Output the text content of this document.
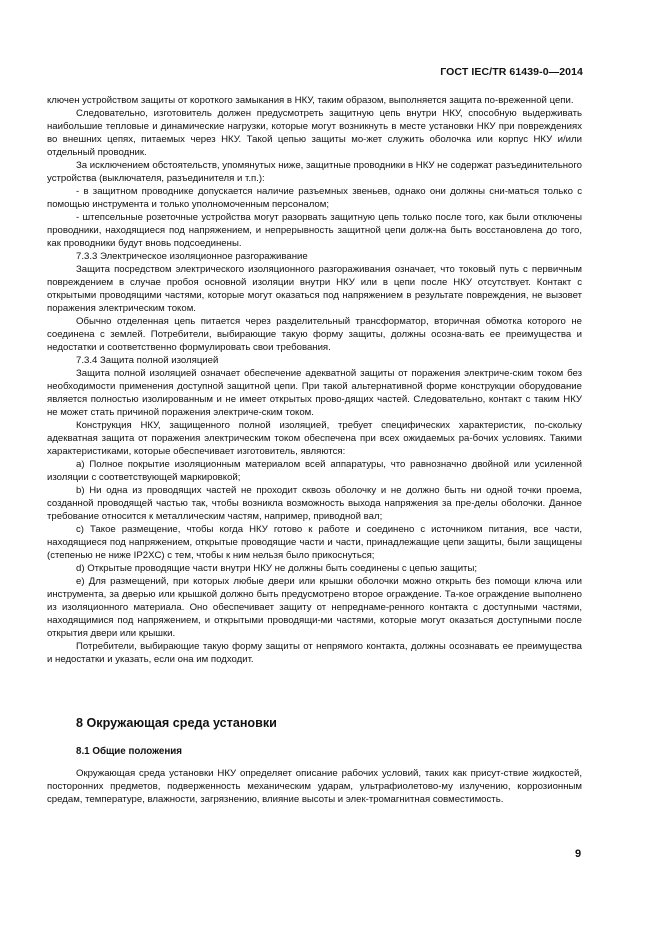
ГОСТ IEC/TR 61439-0—2014

ключен устройством защиты от короткого замыкания в НКУ, таким образом, выполняется защита по-вреженной цепи.

Следовательно, изготовитель должен предусмотреть защитную цепь внутри НКУ, способную выдерживать наибольшие тепловые и динамические нагрузки, которые могут возникнуть в месте установки НКУ при повреждениях во внешних цепях, питаемых через НКУ. Такой цепью защиты мо-жет служить оболочка или корпус НКУ и/или отдельный проводник.

За исключением обстоятельств, упомянутых ниже, защитные проводники в НКУ не содержат разъединительного устройства (выключателя, разъединителя и т.п.):

- в защитном проводнике допускается наличие разъемных звеньев, однако они должны сни-маться только с помощью инструмента и только уполномоченным персоналом;

- штепсельные розеточные устройства могут разорвать защитную цепь только после того, как были отключены проводники, находящиеся под напряжением, и непрерывность защитной цепи долж-на быть восстановлена до того, как проводники будут вновь подсоединены.

7.3.3 Электрическое изоляционное разгораживание

Защита посредством электрического изоляционного разгораживания означает, что токовый путь с первичным повреждением в случае пробоя основной изоляции внутри НКУ или в цепи после НКУ отсутствует. Контакт с открытыми проводящими частями, которые могут оказаться под напряжением в результате повреждения, не вызовет поражения электрическим током.

Обычно отделенная цепь питается через разделительный трансформатор, вторичная обмотка которого не соединена с землей. Потребители, выбирающие такую форму защиты, должны осозна-вать ее преимущества и недостатки и соответственно формулировать свои требования.

7.3.4 Защита полной изоляцией

Защита полной изоляцией означает обеспечение адекватной защиты от поражения электриче-ским током без необходимости применения доступной защитной цепи. При такой альтернативной форме конструкции оборудование является полностью изолированным и не имеет открытых прово-дящих частей. Следовательно, контакт с таким НКУ не может стать причиной поражения электриче-ским током.

Конструкция НКУ, защищенного полной изоляцией, требует специфических характеристик, по-скольку адекватная защита от поражения электрическим током обеспечена при всех ожидаемых ра-бочих условиях. Такими характеристиками, которые обеспечивает изготовитель, являются:

a) Полное покрытие изоляционным материалом всей аппаратуры, что равнозначно двойной или усиленной изоляции с соответствующей маркировкой;

b) Ни одна из проводящих частей не проходит сквозь оболочку и не должно быть ни одной точки проема, созданной проводящей частью так, чтобы возникла возможность выхода напряжения за пре-делы оболочки. Данное требование относится к металлическим частям, например, приводной вал;

c) Такое размещение, чтобы когда НКУ готово к работе и соединено с источником питания, все части, находящиеся под напряжением, открытые проводящие части и части, принадлежащие цепи защиты, были защищены (степенью не ниже IP2XC) с тем, чтобы к ним нельзя было прикоснуться;

d) Открытые проводящие части внутри НКУ не должны быть соединены с цепью защиты;

e) Для размещений, при которых любые двери или крышки оболочки можно открыть без помощи ключа или инструмента, за дверью или крышкой должно быть предусмотрено второе ограждение. Та-кое ограждение выполнено из изоляционного материала. Оно обеспечивает защиту от непреднаме-ренного контакта с доступными частями, находящимися под напряжением, и открытыми проводящи-ми частями, которые могут оказаться доступными после открытия двери или крышки.

Потребители, выбирающие такую форму защиты от непрямого контакта, должны осознавать ее преимущества и недостатки и указать, если она им подходит.

8 Окружающая среда установки
8.1 Общие положения

Окружающая среда установки НКУ определяет описание рабочих условий, таких как присут-ствие жидкостей, посторонних предметов, подверженность механическим ударам, ультрафиолетово-му излучению, коррозионным средам, температуре, влажности, загрязнению, влияние высоты и элек-тромагнитная совместимость.

9
